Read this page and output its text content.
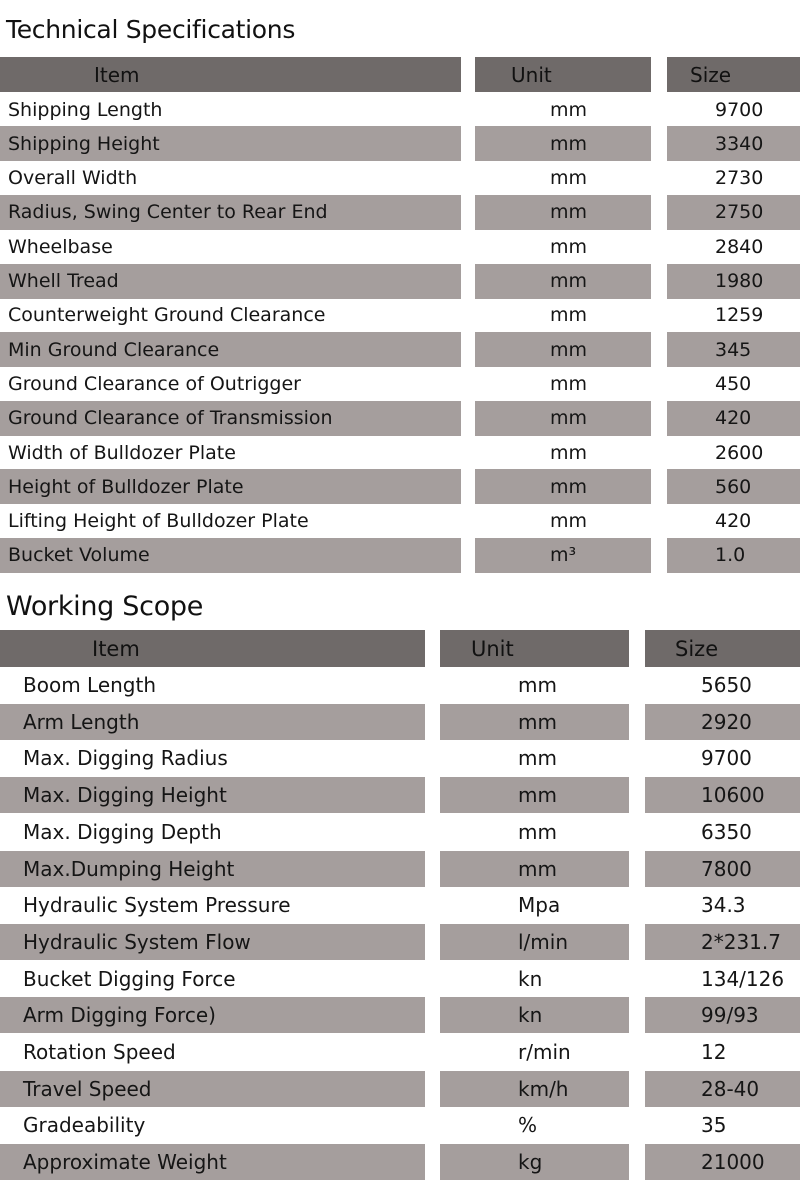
Technical Specifications
Item	Unit	Size
Shipping Length	mm	9700
Shipping Height	mm	3340
Overall Width	mm	2730
Radius, Swing Center to Rear End	mm	2750
Wheelbase	mm	2840
Whell Tread	mm	1980
Counterweight Ground Clearance	mm	1259
Min Ground Clearance	mm	345
Ground Clearance of Outrigger	mm	450
Ground Clearance of Transmission	mm	420
Width of Bulldozer Plate	mm	2600
Height of Bulldozer Plate	mm	560
Lifting Height of Bulldozer Plate	mm	420
Bucket Volume	m³	1.0
Working Scope
Item	Unit	Size
Boom Length	mm	5650
Arm Length	mm	2920
Max. Digging Radius	mm	9700
Max. Digging Height	mm	10600
Max. Digging Depth	mm	6350
Max.Dumping Height	mm	7800
Hydraulic System Pressure	Mpa	34.3
Hydraulic System Flow	l/min	2*231.7
Bucket Digging Force	kn	134/126
Arm Digging Force)	kn	99/93
Rotation Speed	r/min	12
Travel Speed	km/h	28-40
Gradeability	%	35
Approximate Weight	kg	21000
